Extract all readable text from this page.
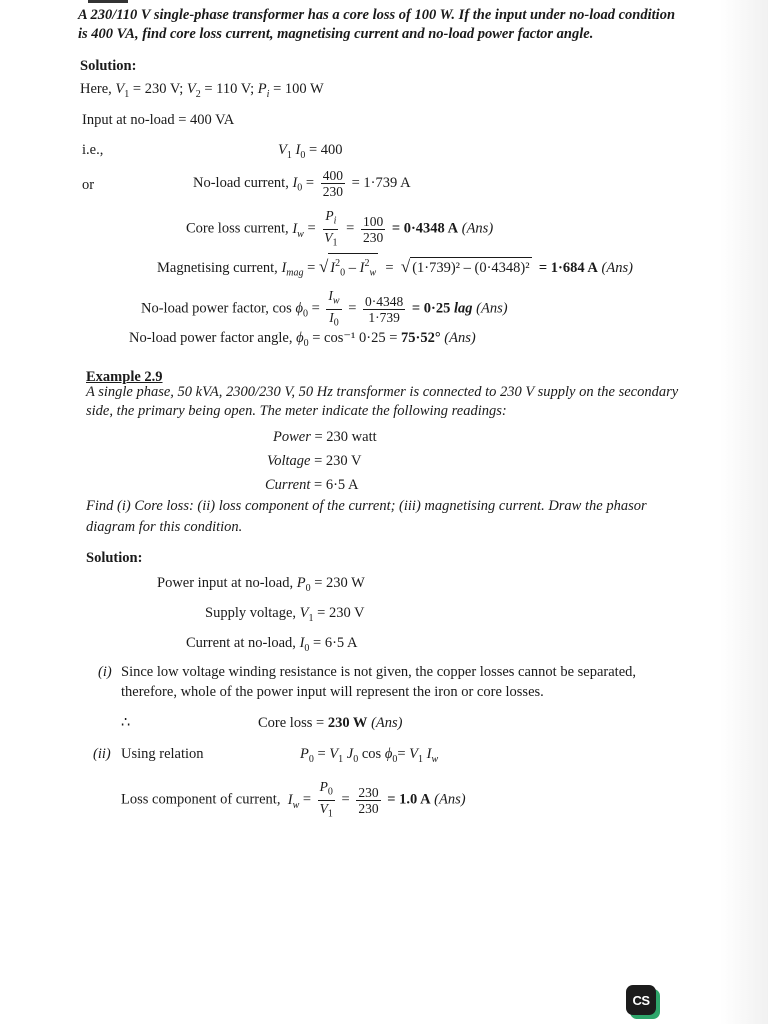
A 230/110 V single-phase transformer has a core loss of 100 W. If the input under no-load condition
is 400 VA, find core loss current, magnetising current and no-load power factor angle.
Solution:
Here, $V_1 = 230$ V; $V_2 = 110$ V; $P_i = 100$ W
Input at no-load = 400 VA
i.e.,	$V_1$ $I_0 = 400$
or	No-load current, $I_0 = \frac{400}{230} = 1\cdot 739$ A
Core loss current, $I_w = \frac{P_i}{V_1} = \frac{100}{230} = 0\cdot 4348$ A (Ans)
Magnetising current, $I_{mag}$ = √ $I^2_0 - I^2_w$  =  √ (1·739)² – (0·4348)² = 1·684 A (Ans)
No-load power factor, $\cos \phi_0 = \frac{I_w}{I_0} = \frac{0\cdot 4348}{1\cdot 739} = 0\cdot 25$ lag (Ans)
No-load power factor angle, $\phi_0 = \cos^{-1}$ 0·25 = 75·52° (Ans)
Example 2.9
A single phase, 50 kVA, 2300/230 V, 50 Hz transformer is connected to 230 V supply on the secondary
side, the primary being open. The meter indicate the following readings:
Power = 230 watt
Voltage = 230 V
Current = 6·5 A
Find (i) Core loss: (ii) loss component of the current; (iii) magnetising current. Draw the phasor
diagram for this condition.
Solution:
Power input at no-load, $P_0 = 230$ W
Supply voltage, $V_1 = 230$ V
Current at no-load, $I_0 = 6\cdot 5$ A
(i) Since low voltage winding resistance is not given, the copper losses cannot be separated,
therefore, whole of the power input will represent the iron or core losses.
∴	Core loss = 230 W (Ans)
(ii) Using relation	$P_0 = V_1$ $J_0$ $\cos \phi_0= V_1$ $I_w$
Loss component of current, $I_w = \frac{P_0}{V_1} = \frac{230}{230} = 1.0$ A (Ans)
CS
